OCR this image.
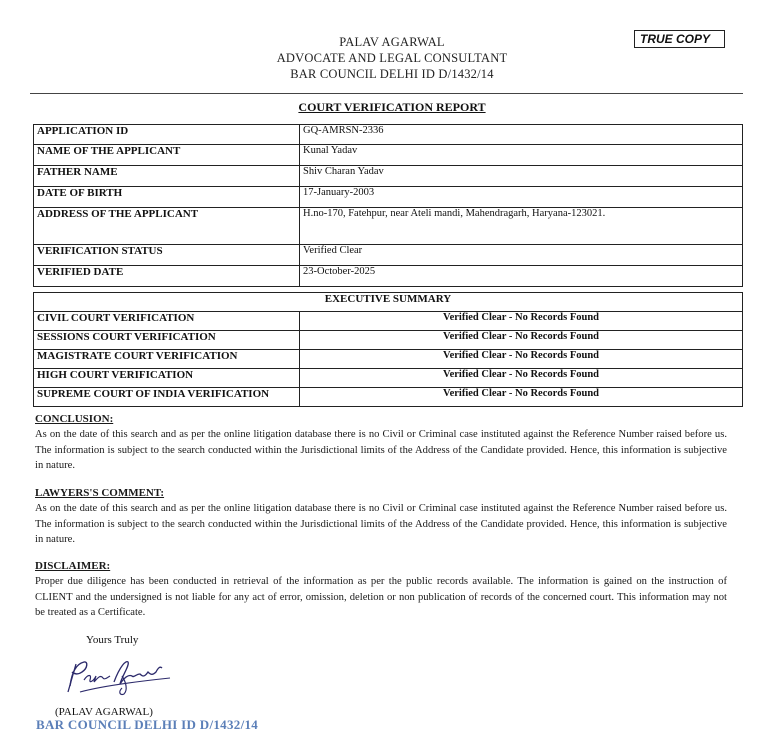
PALAV AGARWAL
ADVOCATE AND LEGAL CONSULTANT
BAR COUNCIL DELHI ID D/1432/14
TRUE COPY
COURT VERIFICATION REPORT
APPLICATION ID	GQ-AMRSN-2336
NAME OF THE APPLICANT	Kunal Yadav
FATHER NAME	Shiv Charan Yadav
DATE OF BIRTH	17-January-2003
ADDRESS OF THE APPLICANT	H.no-170, Fatehpur, near Ateli mandi, Mahendragarh, Haryana-123021.
VERIFICATION STATUS	Verified Clear
VERIFIED DATE	23-October-2025
EXECUTIVE SUMMARY	
CIVIL COURT VERIFICATION	Verified Clear - No Records Found
SESSIONS COURT VERIFICATION	Verified Clear - No Records Found
MAGISTRATE COURT VERIFICATION	Verified Clear - No Records Found
HIGH COURT VERIFICATION	Verified Clear - No Records Found
SUPREME COURT OF INDIA VERIFICATION	Verified Clear - No Records Found
CONCLUSION:
As on the date of this search and as per the online litigation database there is no Civil or Criminal case instituted against the Reference Number raised before us. The information is subject to the search conducted within the Jurisdictional limits of the Address of the Candidate provided. Hence, this information is subjective in nature.
LAWYERS'S COMMENT:
As on the date of this search and as per the online litigation database there is no Civil or Criminal case instituted against the Reference Number raised before us. The information is subject to the search conducted within the Jurisdictional limits of the Address of the Candidate provided. Hence, this information is subjective in nature.
DISCLAIMER:
Proper due diligence has been conducted in retrieval of the information as per the public records available. The information is gained on the instruction of CLIENT and the undersigned is not liable for any act of error, omission, deletion or non publication of records of the concerned court. This information may not be treated as a Certificate.
Yours Truly
(PALAV AGARWAL)
BAR COUNCIL DELHI ID D/1432/14
